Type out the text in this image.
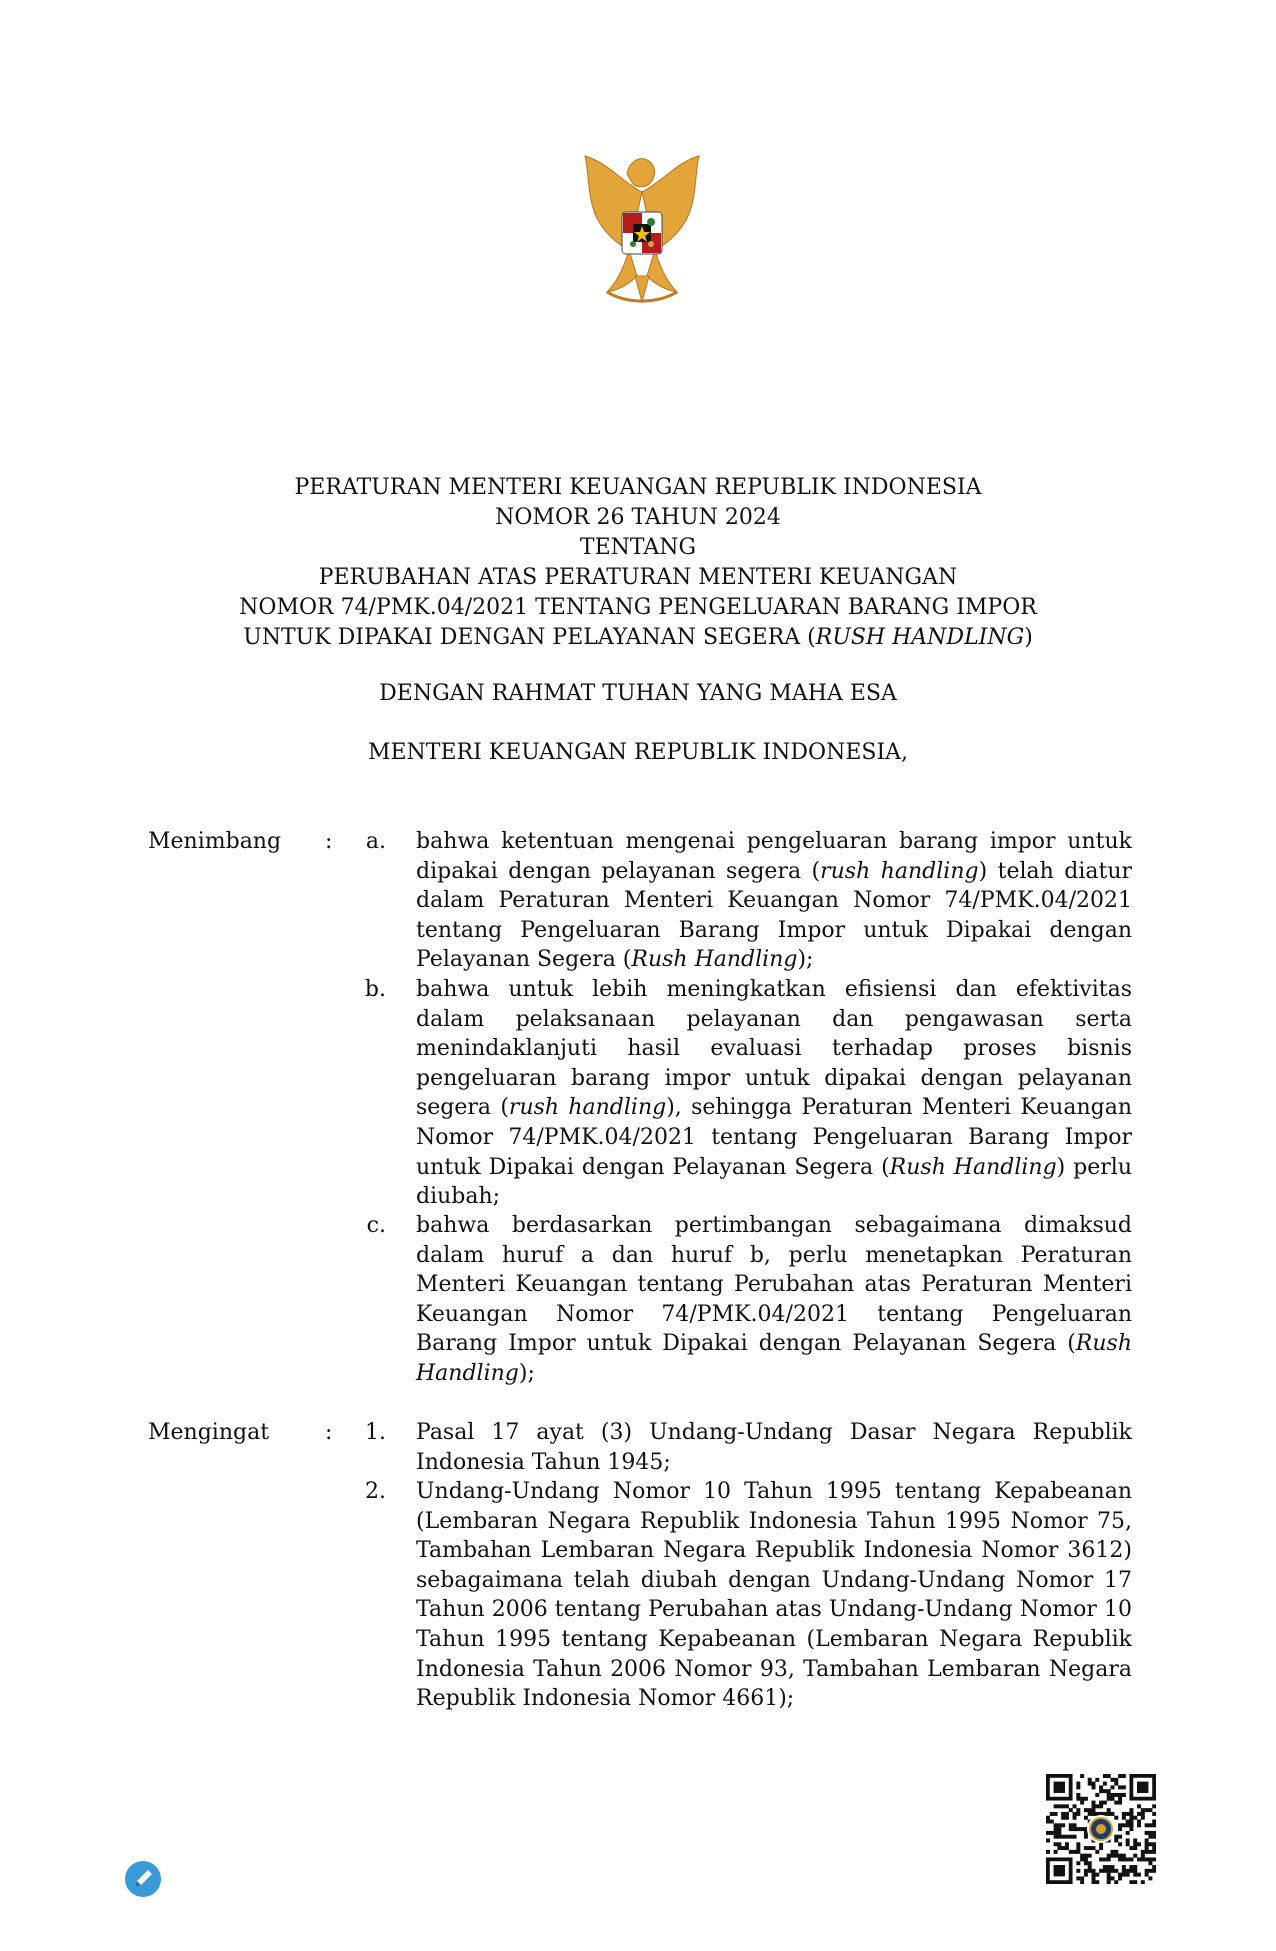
PERATURAN MENTERI KEUANGAN REPUBLIK INDONESIA
NOMOR 26 TAHUN 2024
TENTANG
PERUBAHAN ATAS PERATURAN MENTERI KEUANGAN
NOMOR 74/PMK.04/2021 TENTANG PENGELUARAN BARANG IMPOR
UNTUK DIPAKAI DENGAN PELAYANAN SEGERA (RUSH HANDLING)
DENGAN RAHMAT TUHAN YANG MAHA ESA
MENTERI KEUANGAN REPUBLIK INDONESIA,
Menimbang :	a. bahwa ketentuan mengenai pengeluaran barang impor untuk dipakai dengan pelayanan segera (rush handling) telah diatur dalam Peraturan Menteri Keuangan Nomor 74/PMK.04/2021 tentang Pengeluaran Barang Impor untuk Dipakai dengan Pelayanan Segera (Rush Handling);
b. bahwa untuk lebih meningkatkan efisiensi dan efektivitas dalam pelaksanaan pelayanan dan pengawasan serta menindaklanjuti hasil evaluasi terhadap proses bisnis pengeluaran barang impor untuk dipakai dengan pelayanan segera (rush handling), sehingga Peraturan Menteri Keuangan Nomor 74/PMK.04/2021 tentang Pengeluaran Barang Impor untuk Dipakai dengan Pelayanan Segera (Rush Handling) perlu diubah;
c. bahwa berdasarkan pertimbangan sebagaimana dimaksud dalam huruf a dan huruf b, perlu menetapkan Peraturan Menteri Keuangan tentang Perubahan atas Peraturan Menteri Keuangan Nomor 74/PMK.04/2021 tentang Pengeluaran Barang Impor untuk Dipakai dengan Pelayanan Segera (Rush Handling);
Mengingat	:	1. Pasal 17 ayat (3) Undang-Undang Dasar Negara Republik Indonesia Tahun 1945;
2. Undang-Undang Nomor 10 Tahun 1995 tentang Kepabeanan (Lembaran Negara Republik Indonesia Tahun 1995 Nomor 75, Tambahan Lembaran Negara Republik Indonesia Nomor 3612) sebagaimana telah diubah dengan Undang-Undang Nomor 17 Tahun 2006 tentang Perubahan atas Undang-Undang Nomor 10 Tahun 1995 tentang Kepabeanan (Lembaran Negara Republik Indonesia Tahun 2006 Nomor 93, Tambahan Lembaran Negara Republik Indonesia Nomor 4661);
